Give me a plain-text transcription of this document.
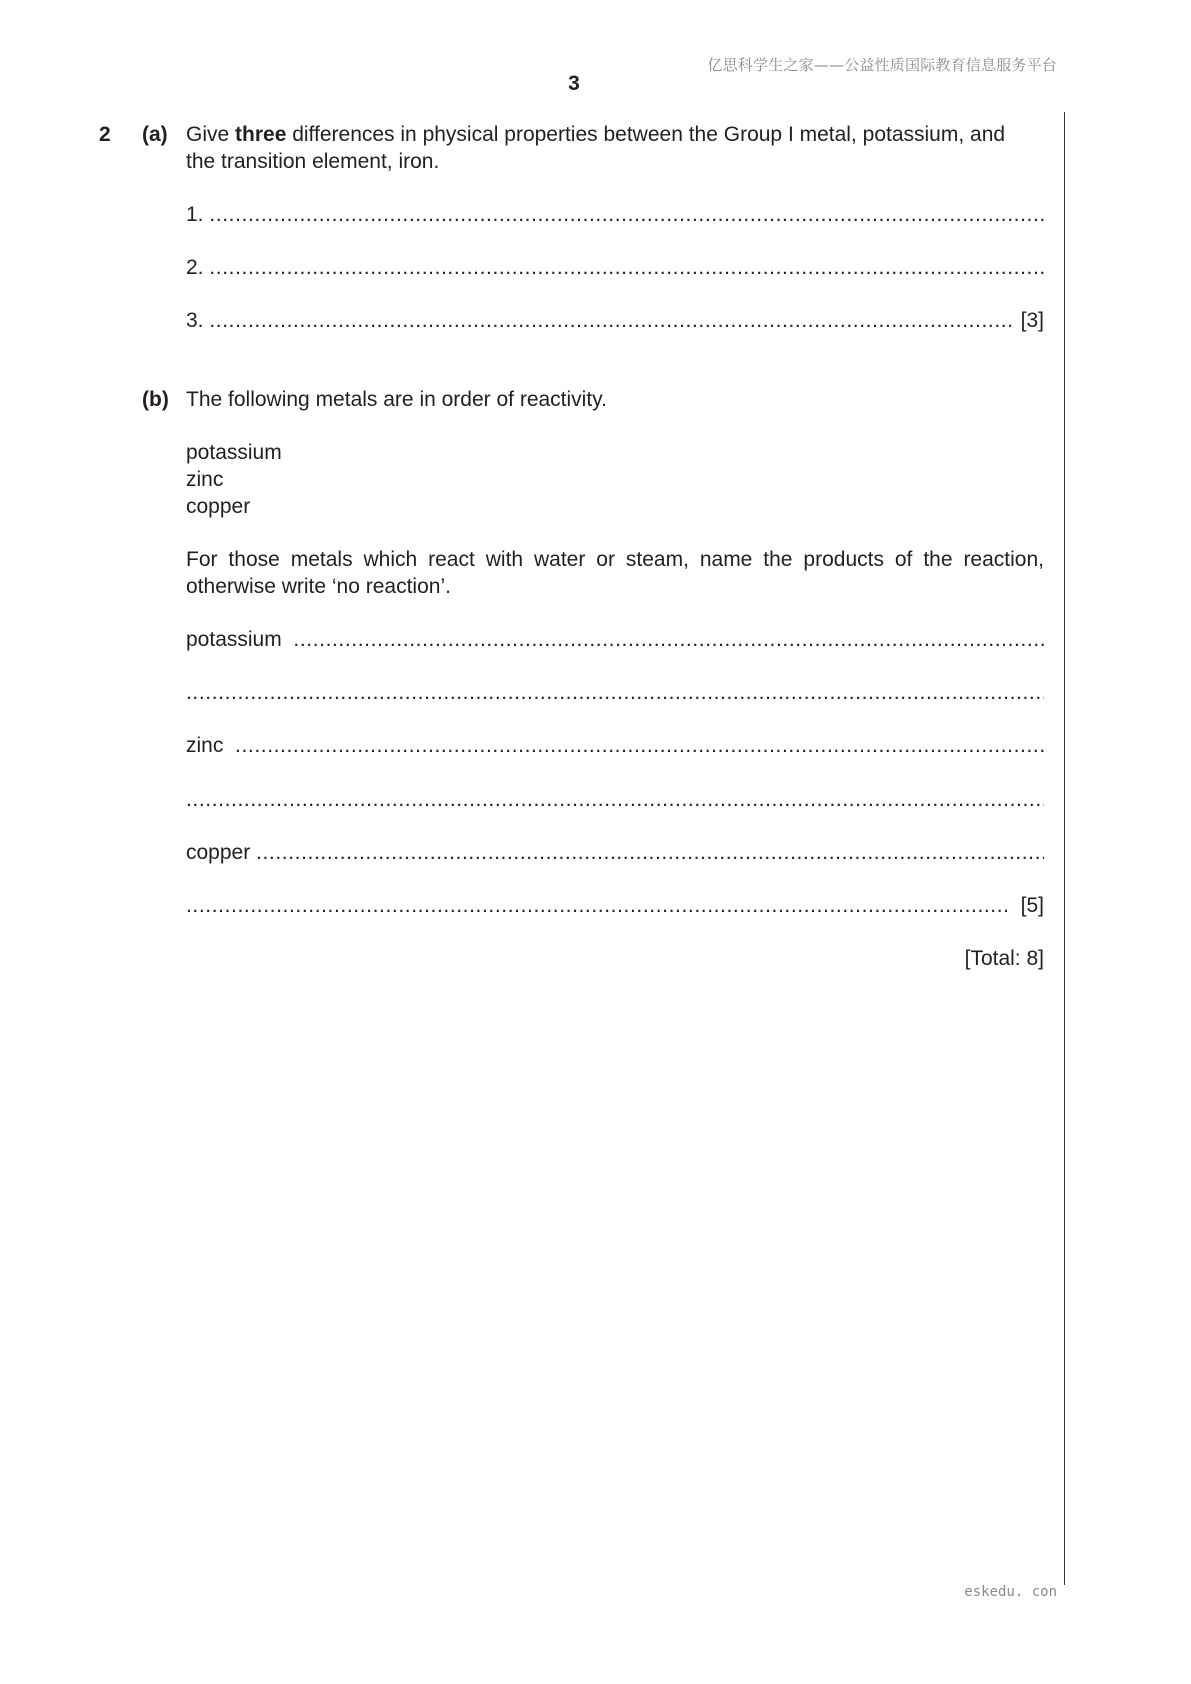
亿思科学生之家——公益性质国际教育信息服务平台
3
2 (a) Give three differences in physical properties between the Group I metal, potassium, and
the transition element, iron.
1.
.....
2.
.....
3.
.....	[3]
(b) The following metals are in order of reactivity.
potassium
zinc
copper
For those metals which react with water or steam, name the products of the reaction, otherwise write ‘no reaction’.
potassium
.....
.....
zinc
.....
.....
copper
.....
.....
[5]
[Total: 8]
eskedu. con
